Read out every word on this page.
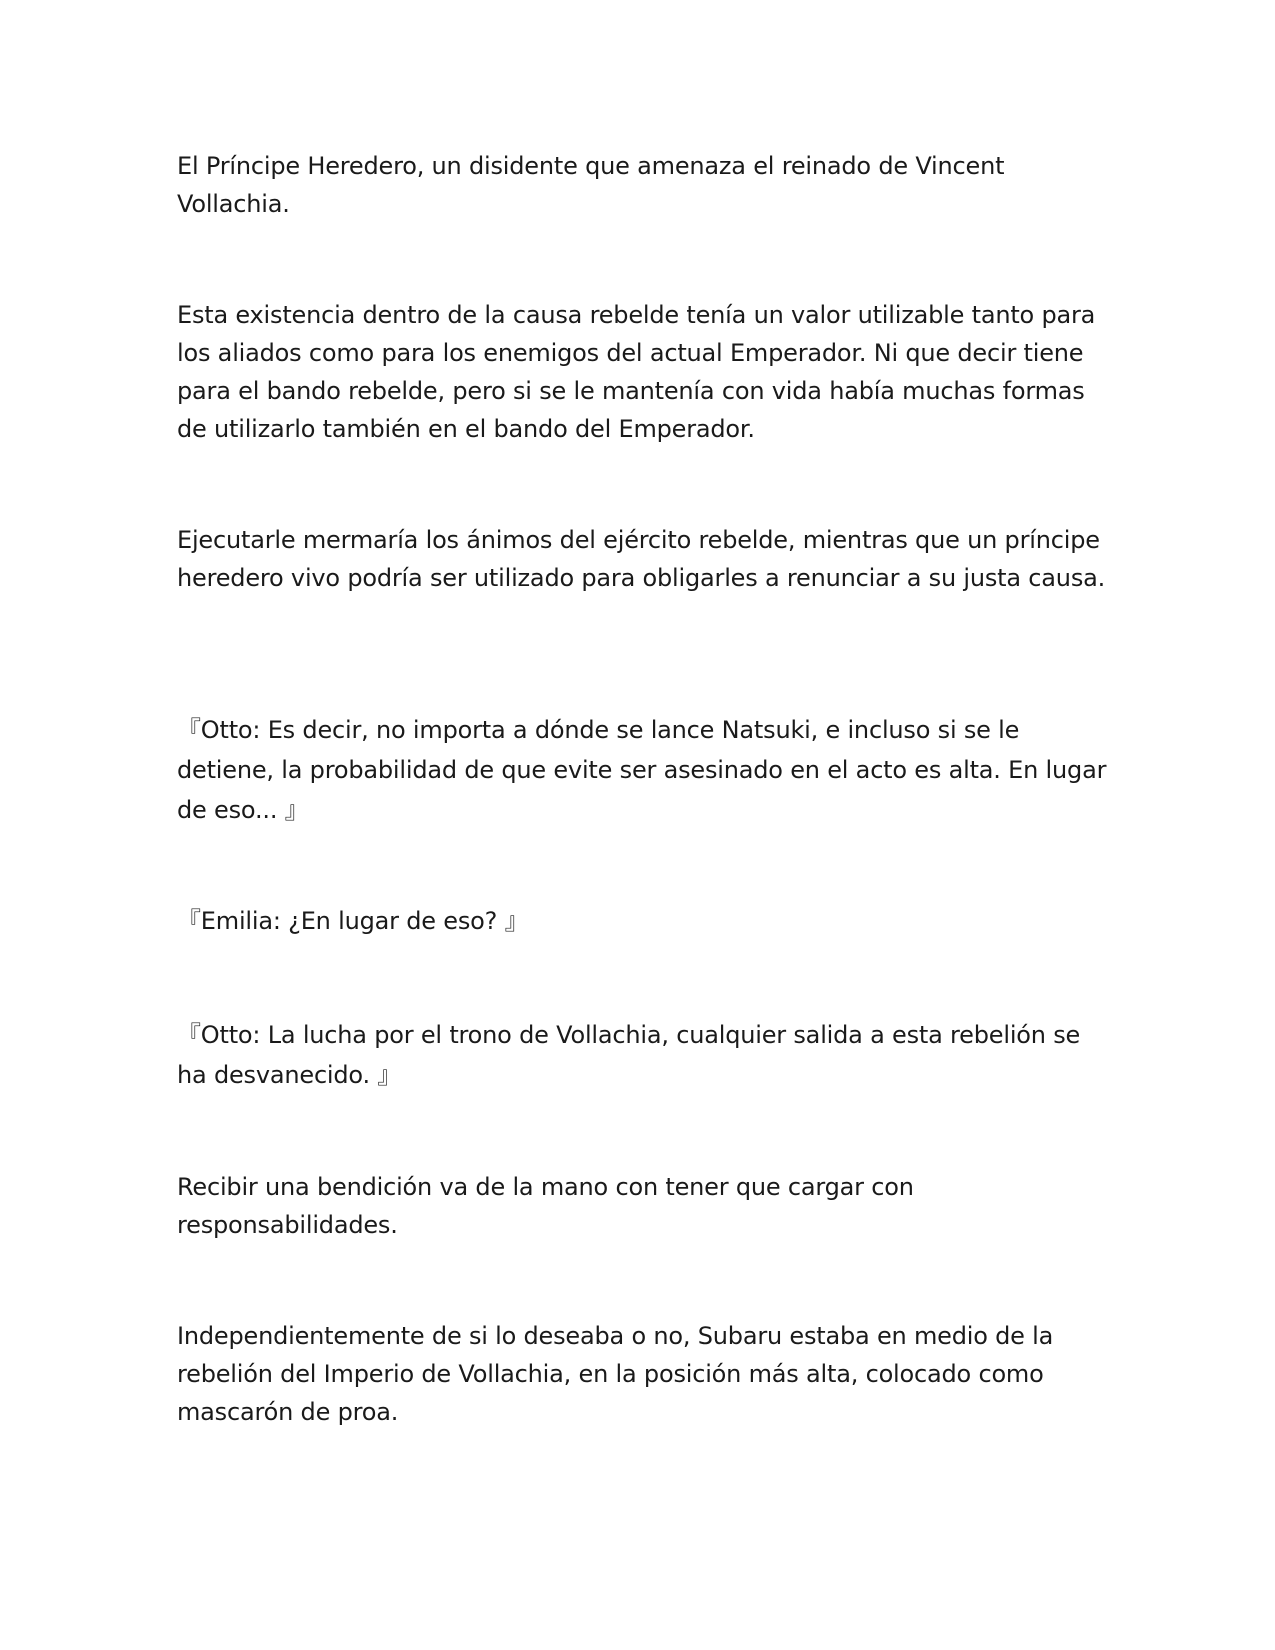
El Príncipe Heredero, un disidente que amenaza el reinado de Vincent Vollachia.

Esta existencia dentro de la causa rebelde tenía un valor utilizable tanto para los aliados como para los enemigos del actual Emperador. Ni que decir tiene para el bando rebelde, pero si se le mantenía con vida había muchas formas de utilizarlo también en el bando del Emperador.

Ejecutarle mermaría los ánimos del ejército rebelde, mientras que un príncipe heredero vivo podría ser utilizado para obligarles a renunciar a su justa causa.

『Otto: Es decir, no importa a dónde se lance Natsuki, e incluso si se le detiene, la probabilidad de que evite ser asesinado en el acto es alta. En lugar de eso... 』

『Emilia: ¿En lugar de eso? 』

『Otto: La lucha por el trono de Vollachia, cualquier salida a esta rebelión se ha desvanecido. 』

Recibir una bendición va de la mano con tener que cargar con responsabilidades.

Independientemente de si lo deseaba o no, Subaru estaba en medio de la rebelión del Imperio de Vollachia, en la posición más alta, colocado como mascarón de proa.
